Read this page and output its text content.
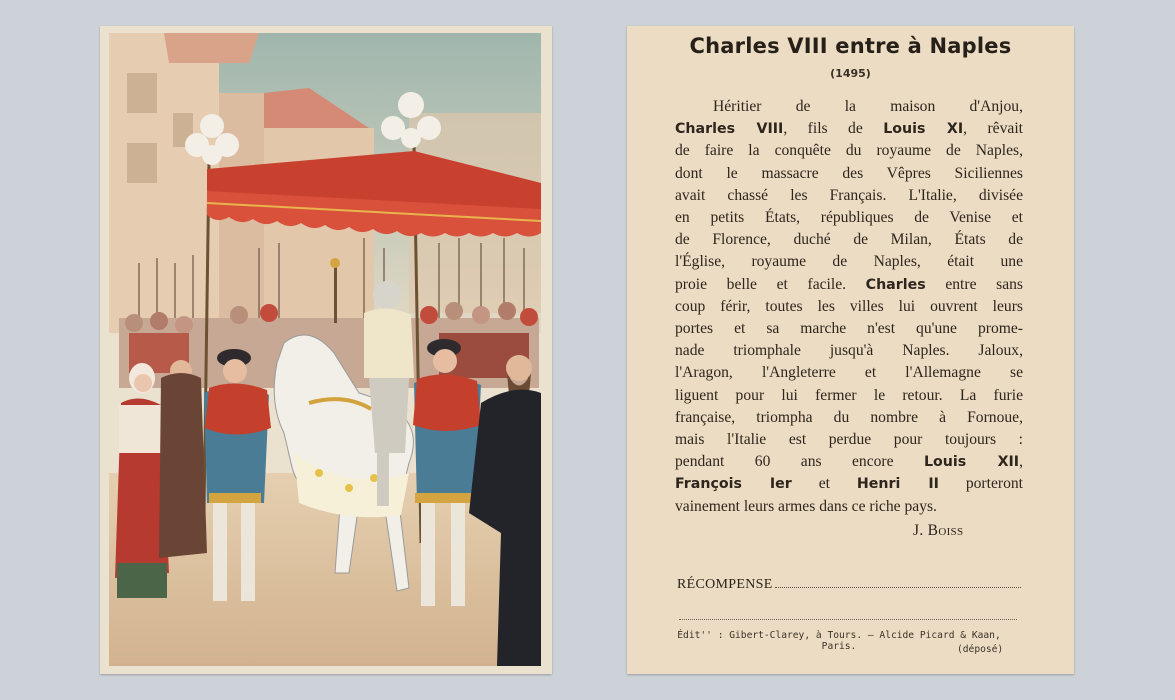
Charles VIII entre à Naples
(1495)
Héritier de la maison d'Anjou,
Charles VIII, fils de Louis XI, rêvait
de faire la conquête du royaume de Naples,
dont le massacre des Vêpres Siciliennes
avait chassé les Français. L'Italie, divisée
en petits États, républiques de Venise et
de Florence, duché de Milan, États de
l'Église, royaume de Naples, était une
proie belle et facile. Charles entre sans
coup férir, toutes les villes lui ouvrent leurs
portes et sa marche n'est qu'une prome-
nade triomphale jusqu'à Naples. Jaloux,
l'Aragon, l'Angleterre et l'Allemagne se
liguent pour lui fermer le retour. La furie
française, triompha du nombre à Fornoue,
mais l'Italie est perdue pour toujours :
pendant 60 ans encore Louis XII,
François Ier et Henri II porteront
vainement leurs armes dans ce riche pays.
J. Boiss
RÉCOMPENSE
Édit'' : Gibert-Clarey, à Tours. — Alcide Picard & Kaan, Paris.	(déposé)
